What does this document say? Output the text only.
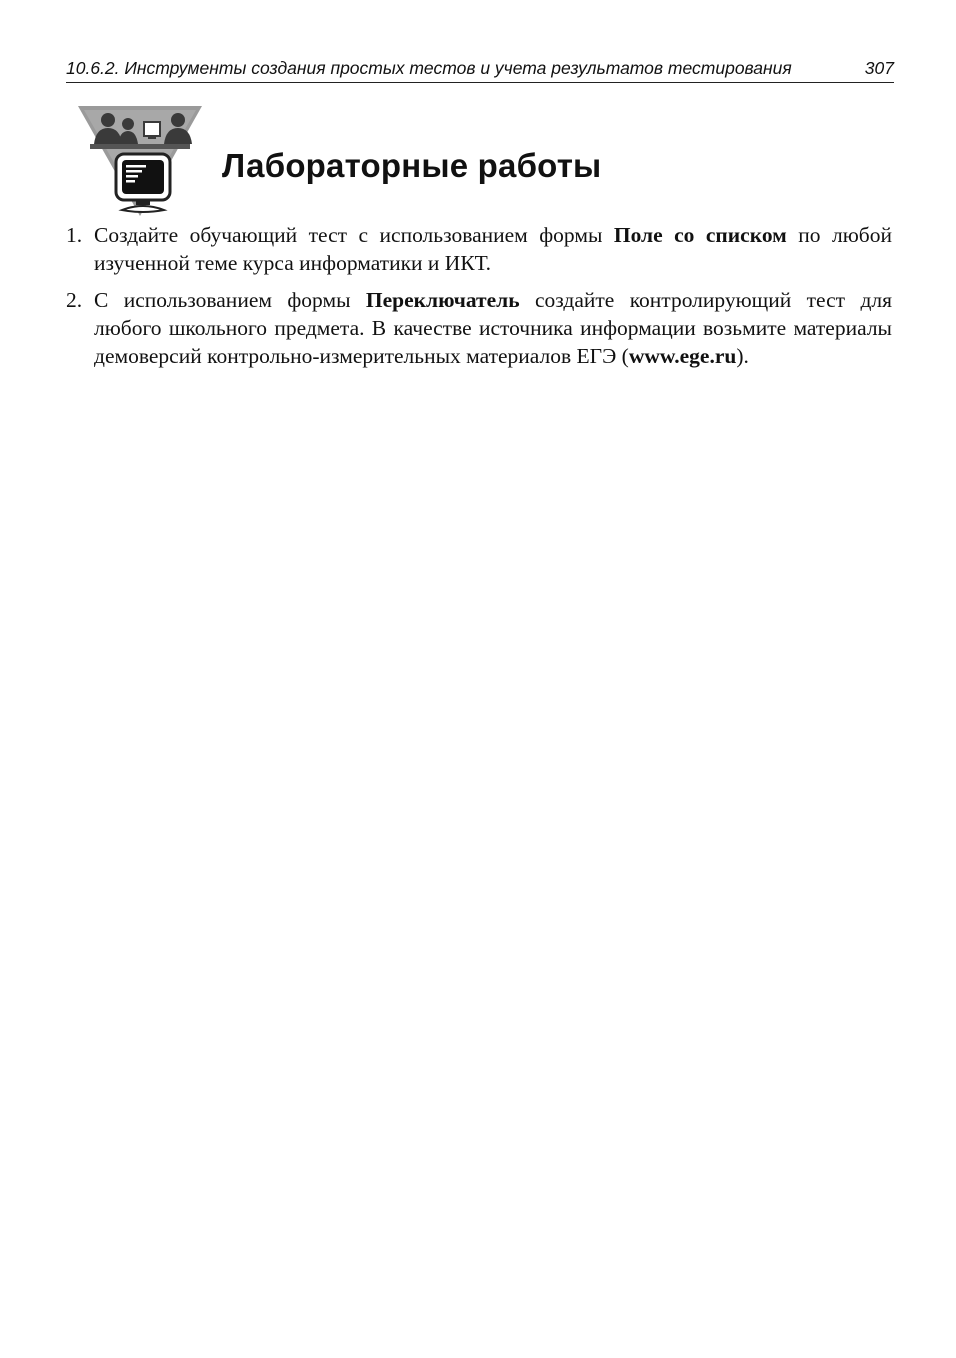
10.6.2. Инструменты создания простых тестов и учета результатов тестирования	307
Лабораторные работы
1. Создайте обучающий тест с использованием формы Поле со списком по любой изученной теме курса информатики и ИКТ.
2. С использованием формы Переключатель создайте контролирующий тест для любого школьного предмета. В качестве источника информации возьмите материалы демоверсий контрольно-измерительных материалов ЕГЭ (www.ege.ru).
